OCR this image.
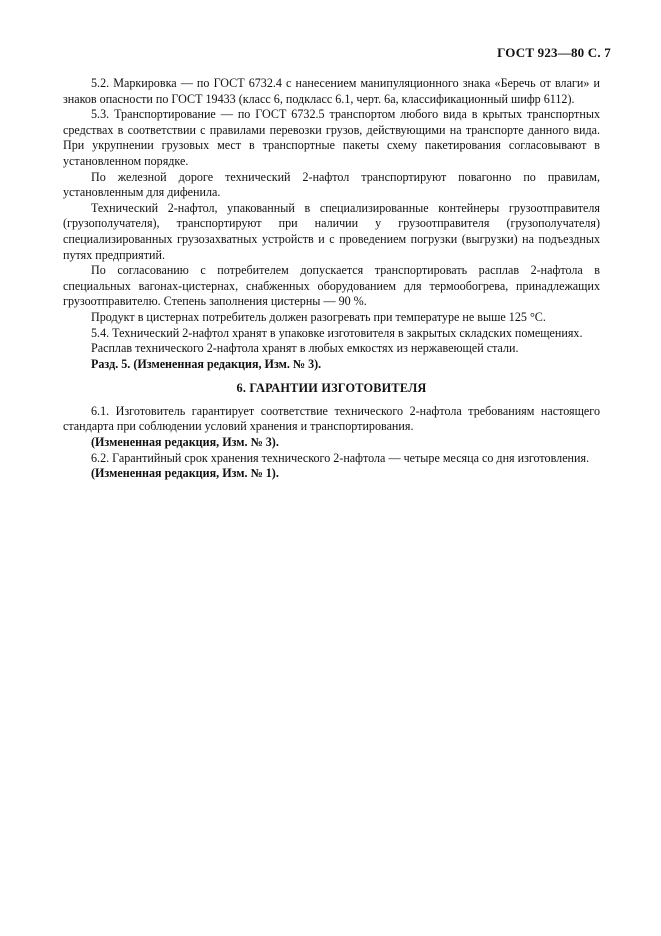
ГОСТ 923—80 С. 7

5.2. Маркировка — по ГОСТ 6732.4 с нанесением манипуляционного знака «Беречь от влаги» и знаков опасности по ГОСТ 19433 (класс 6, подкласс 6.1, черт. 6а, классификационный шифр 6112).

5.3. Транспортирование — по ГОСТ 6732.5 транспортом любого вида в крытых транспортных средствах в соответствии с правилами перевозки грузов, действующими на транспорте данного вида. При укрупнении грузовых мест в транспортные пакеты схему пакетирования согласовывают в установленном порядке.

По железной дороге технический 2-нафтол транспортируют повагонно по правилам, установленным для дифенила.

Технический 2-нафтол, упакованный в специализированные контейнеры грузоотправителя (грузополучателя), транспортируют при наличии у грузоотправителя (грузополучателя) специализированных грузозахватных устройств и с проведением погрузки (выгрузки) на подъездных путях предприятий.

По согласованию с потребителем допускается транспортировать расплав 2-нафтола в специальных вагонах-цистернах, снабженных оборудованием для термообогрева, принадлежащих грузоотправителю. Степень заполнения цистерны — 90 %.

Продукт в цистернах потребитель должен разогревать при температуре не выше 125 °С.

5.4. Технический 2-нафтол хранят в упаковке изготовителя в закрытых складских помещениях.

Расплав технического 2-нафтола хранят в любых емкостях из нержавеющей стали.

Разд. 5. (Измененная редакция, Изм. № 3).

6. ГАРАНТИИ ИЗГОТОВИТЕЛЯ

6.1. Изготовитель гарантирует соответствие технического 2-нафтола требованиям настоящего стандарта при соблюдении условий хранения и транспортирования.

(Измененная редакция, Изм. № 3).

6.2. Гарантийный срок хранения технического 2-нафтола — четыре месяца со дня изготовления.

(Измененная редакция, Изм. № 1).
